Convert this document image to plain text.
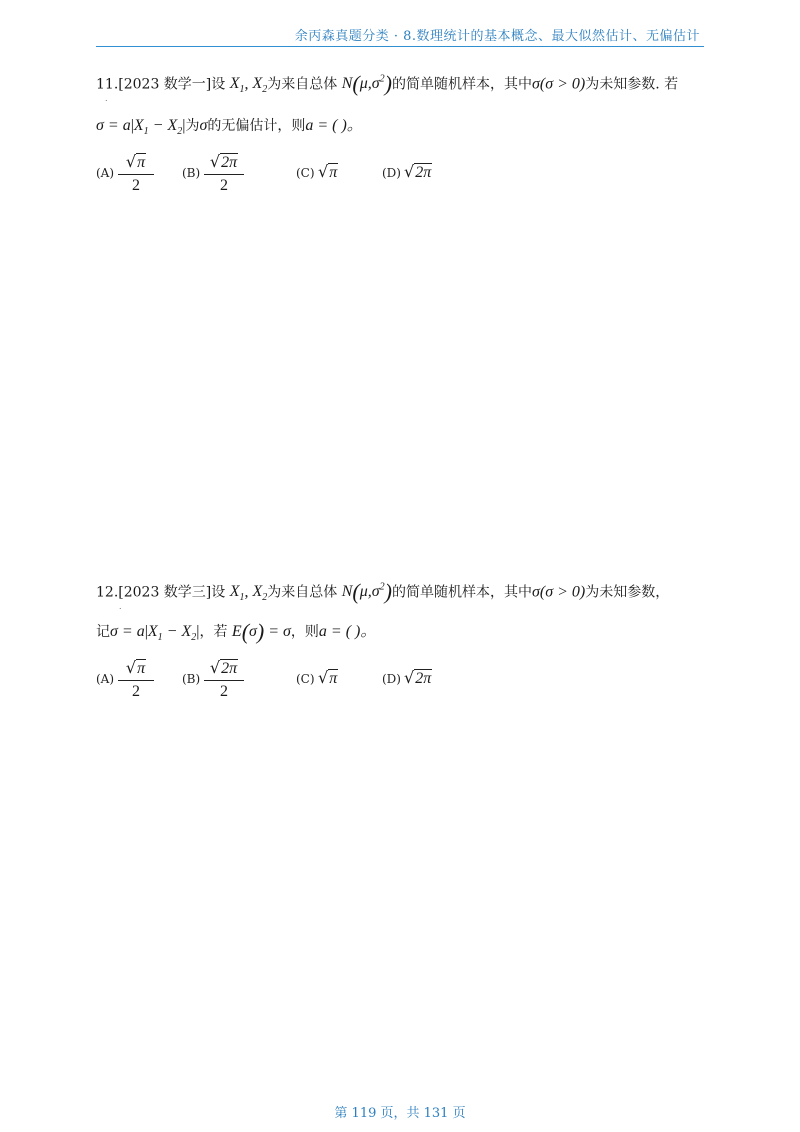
余丙森真题分类 · 8.数理统计的基本概念、最大似然估计、无偏估计
11.[2023 数学一]设 $X_1$, $X_2$为来自总体 $N(\mu,\sigma^2)$的简单随机样本，其中σ(σ > 0)为未知参数. 若
˙
$\sigma = a|X_1 - X_2|$为σ的无偏估计，则a = ( )。
$(A) \frac{√\pi}{2} (B) \frac{√2\pi}{2}$	(C) √π	(D) √2π
12.[2023 数学三]设 $X_1$, $X_2$为来自总体 $N(\mu,\sigma^2)$的简单随机样本，其中σ(σ > 0)为未知参数，
˙
记$\sigma = a|X_1 - X_2|$，若 E(σ) = σ，则a = ( )。
$(A) \frac{√\pi}{2} (B) \frac{√2\pi}{2}$	(C) √π	(D) √2π
第 119 页，共 131 页
